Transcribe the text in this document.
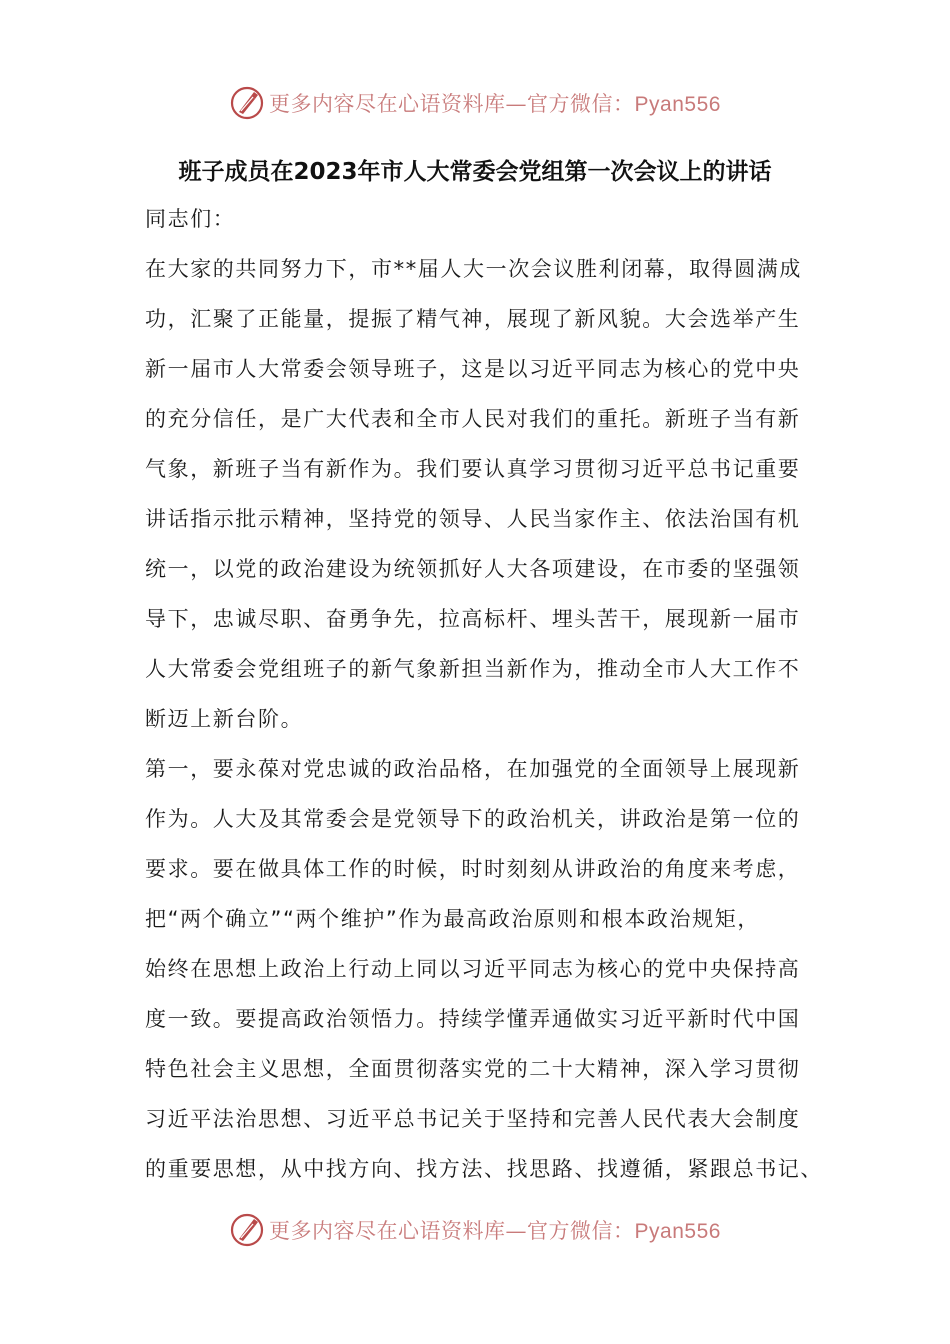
更多内容尽在心语资料库—官方微信：Pyan556
班子成员在2023年市人大常委会党组第一次会议上的讲话
同志们：
在大家的共同努力下，市**届人大一次会议胜利闭幕，取得圆满成
功，汇聚了正能量，提振了精气神，展现了新风貌。大会选举产生
新一届市人大常委会领导班子，这是以习近平同志为核心的党中央
的充分信任，是广大代表和全市人民对我们的重托。新班子当有新
气象，新班子当有新作为。我们要认真学习贯彻习近平总书记重要
讲话指示批示精神，坚持党的领导、人民当家作主、依法治国有机
统一，以党的政治建设为统领抓好人大各项建设，在市委的坚强领
导下，忠诚尽职、奋勇争先，拉高标杆、埋头苦干，展现新一届市
人大常委会党组班子的新气象新担当新作为，推动全市人大工作不
断迈上新台阶。
第一，要永葆对党忠诚的政治品格，在加强党的全面领导上展现新
作为。人大及其常委会是党领导下的政治机关，讲政治是第一位的
要求。要在做具体工作的时候，时时刻刻从讲政治的角度来考虑，
把“两个确立”“两个维护”作为最高政治原则和根本政治规矩，
始终在思想上政治上行动上同以习近平同志为核心的党中央保持高
度一致。要提高政治领悟力。持续学懂弄通做实习近平新时代中国
特色社会主义思想，全面贯彻落实党的二十大精神，深入学习贯彻
习近平法治思想、习近平总书记关于坚持和完善人民代表大会制度
的重要思想，从中找方向、找方法、找思路、找遵循，紧跟总书记、
更多内容尽在心语资料库—官方微信：Pyan556
